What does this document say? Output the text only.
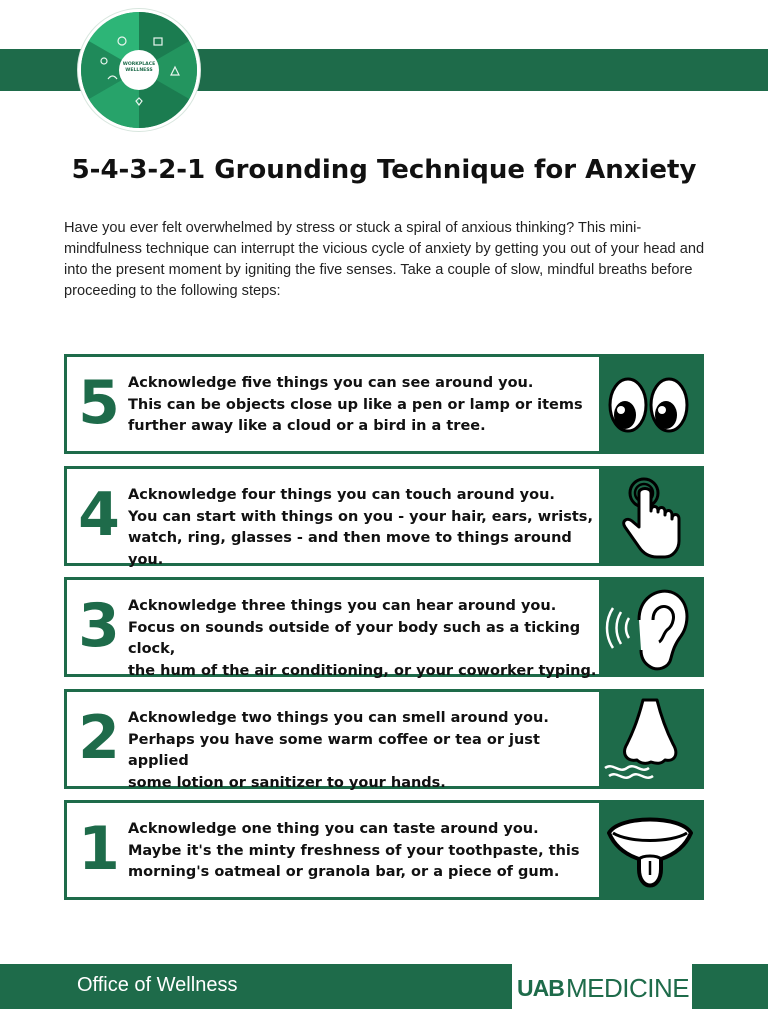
WORKPLACE
WELLNESS
5-4-3-2-1 Grounding Technique for Anxiety
Have you ever felt overwhelmed by stress or stuck a spiral of anxious thinking? This mini-mindfulness technique can interrupt the vicious cycle of anxiety by getting you out of your head and into the present moment by igniting the five senses. Take a couple of slow, mindful breaths before proceeding to the following steps:
5 Acknowledge five things you can see around you.
This can be objects close up like a pen or lamp or items
further away like a cloud or a bird in a tree.
4 Acknowledge four things you can touch around you.
You can start with things on you - your hair, ears, wrists,
watch, ring, glasses - and then move to things around you.
3 Acknowledge three things you can hear around you.
Focus on sounds outside of your body such as a ticking clock,
the hum of the air conditioning, or your coworker typing.
2 Acknowledge two things you can smell around you.
Perhaps you have some warm coffee or tea or just applied
some lotion or sanitizer to your hands.
1 Acknowledge one thing you can taste around you.
Maybe it's the minty freshness of your toothpaste, this
morning's oatmeal or granola bar, or a piece of gum.
Office of Wellness	UAB MEDICINE
